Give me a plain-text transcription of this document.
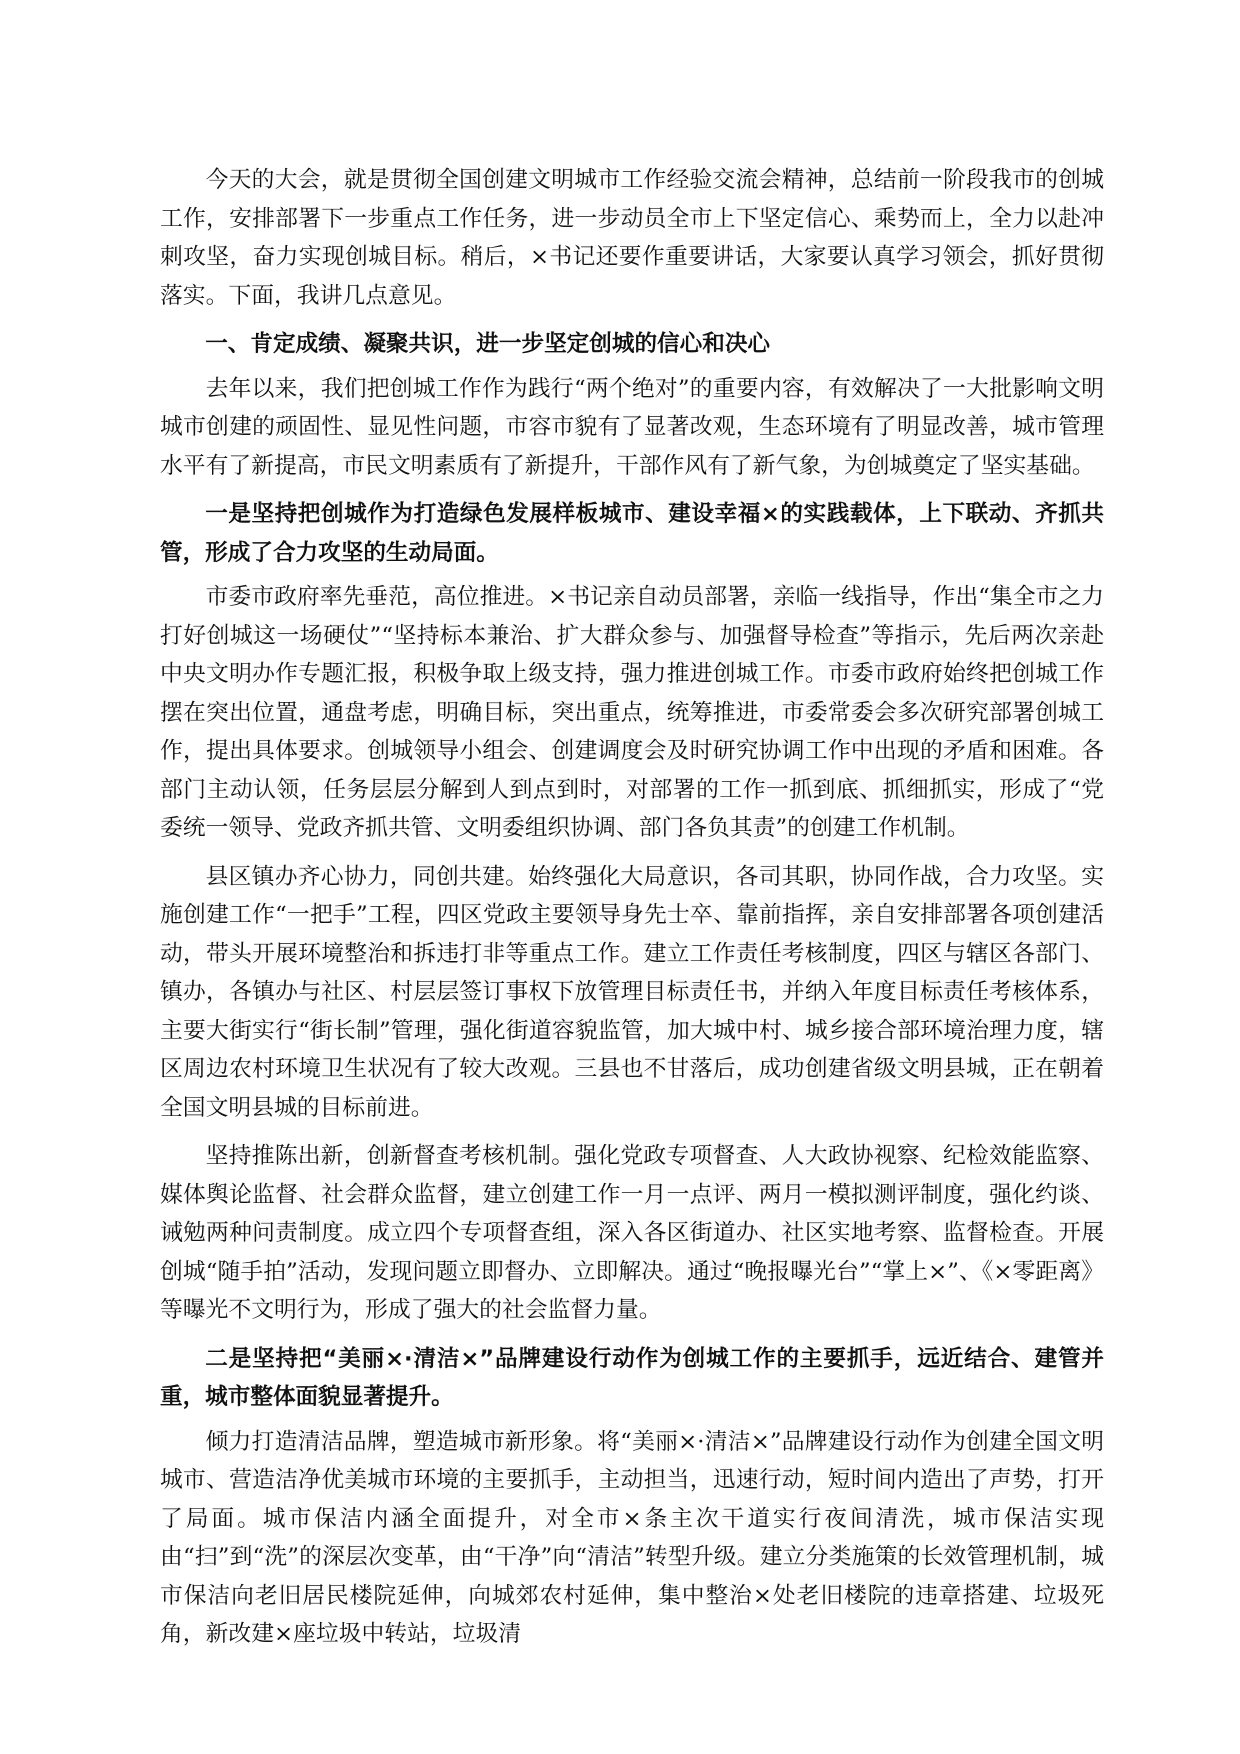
今天的大会，就是贯彻全国创建文明城市工作经验交流会精神，总结前一阶段我市的创城工作，安排部署下一步重点工作任务，进一步动员全市上下坚定信心、乘势而上，全力以赴冲刺攻坚，奋力实现创城目标。稍后，×书记还要作重要讲话，大家要认真学习领会，抓好贯彻落实。下面，我讲几点意见。

一、肯定成绩、凝聚共识，进一步坚定创城的信心和决心

去年以来，我们把创城工作作为践行“两个绝对”的重要内容，有效解决了一大批影响文明城市创建的顽固性、显见性问题，市容市貌有了显著改观，生态环境有了明显改善，城市管理水平有了新提高，市民文明素质有了新提升，干部作风有了新气象，为创城奠定了坚实基础。

一是坚持把创城作为打造绿色发展样板城市、建设幸福×的实践载体，上下联动、齐抓共管，形成了合力攻坚的生动局面。

市委市政府率先垂范，高位推进。×书记亲自动员部署，亲临一线指导，作出“集全市之力打好创城这一场硬仗”“坚持标本兼治、扩大群众参与、加强督导检查”等指示，先后两次亲赴中央文明办作专题汇报，积极争取上级支持，强力推进创城工作。市委市政府始终把创城工作摆在突出位置，通盘考虑，明确目标，突出重点，统筹推进，市委常委会多次研究部署创城工作，提出具体要求。创城领导小组会、创建调度会及时研究协调工作中出现的矛盾和困难。各部门主动认领，任务层层分解到人到点到时，对部署的工作一抓到底、抓细抓实，形成了“党委统一领导、党政齐抓共管、文明委组织协调、部门各负其责”的创建工作机制。

县区镇办齐心协力，同创共建。始终强化大局意识，各司其职，协同作战，合力攻坚。实施创建工作“一把手”工程，四区党政主要领导身先士卒、靠前指挥，亲自安排部署各项创建活动，带头开展环境整治和拆违打非等重点工作。建立工作责任考核制度，四区与辖区各部门、镇办，各镇办与社区、村层层签订事权下放管理目标责任书，并纳入年度目标责任考核体系，主要大街实行“街长制”管理，强化街道容貌监管，加大城中村、城乡接合部环境治理力度，辖区周边农村环境卫生状况有了较大改观。三县也不甘落后，成功创建省级文明县城，正在朝着全国文明县城的目标前进。

坚持推陈出新，创新督查考核机制。强化党政专项督查、人大政协视察、纪检效能监察、媒体舆论监督、社会群众监督，建立创建工作一月一点评、两月一模拟测评制度，强化约谈、诫勉两种问责制度。成立四个专项督查组，深入各区街道办、社区实地考察、监督检查。开展创城“随手拍”活动，发现问题立即督办、立即解决。通过“晚报曝光台”“掌上×”、《×零距离》等曝光不文明行为，形成了强大的社会监督力量。

二是坚持把“美丽×·清洁×”品牌建设行动作为创城工作的主要抓手，远近结合、建管并重，城市整体面貌显著提升。

倾力打造清洁品牌，塑造城市新形象。将“美丽×·清洁×”品牌建设行动作为创建全国文明城市、营造洁净优美城市环境的主要抓手，主动担当，迅速行动，短时间内造出了声势，打开了局面。城市保洁内涵全面提升，对全市×条主次干道实行夜间清洗，城市保洁实现由“扫”到“洗”的深层次变革，由“干净”向“清洁”转型升级。建立分类施策的长效管理机制，城市保洁向老旧居民楼院延伸，向城郊农村延伸，集中整治×处老旧楼院的违章搭建、垃圾死角，新改建×座垃圾中转站，垃圾清
